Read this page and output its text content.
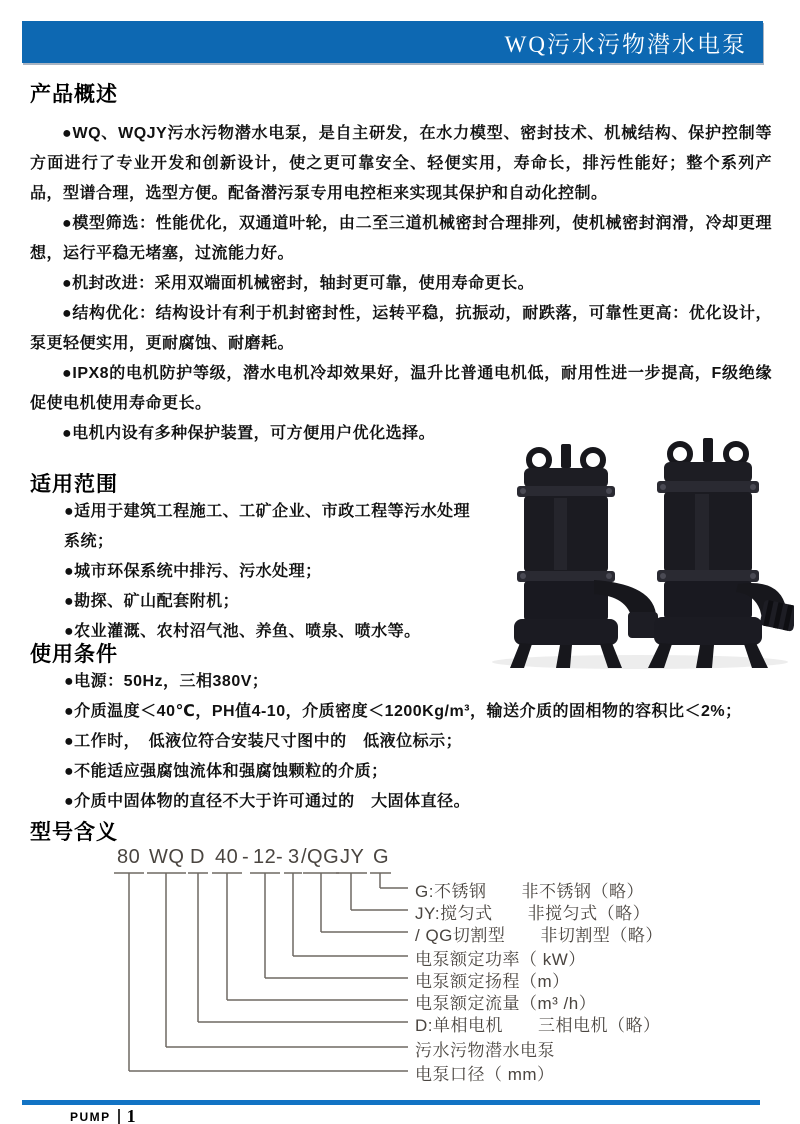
WQ污水污物潜水电泵
产品概述

●WQ、WQJY污水污物潜水电泵，是自主研发，在水力模型、密封技术、机械结构、保护控制等方面进行了专业开发和创新设计，使之更可靠安全、轻便实用，寿命长，排污性能好；整个系列产品，型谱合理，选型方便。配备潜污泵专用电控柜来实现其保护和自动化控制。

●模型筛选：性能优化，双通道叶轮，由二至三道机械密封合理排列，使机械密封润滑，冷却更理想，运行平稳无堵塞，过流能力好。

●机封改进：采用双端面机械密封，轴封更可靠，使用寿命更长。

●结构优化：结构设计有利于机封密封性，运转平稳，抗振动，耐跌落，可靠性更高：优化设计，泵更轻便实用，更耐腐蚀、耐磨耗。

●IPX8的电机防护等级，潜水电机冷却效果好，温升比普通电机低，耐用性进一步提高，F级绝缘促使电机使用寿命更长。

●电机内设有多种保护装置，可方便用户优化选择。

适用范围
●适用于建筑工程施工、工矿企业、市政工程等污水处理系统；
●城市环保系统中排污、污水处理；
●勘探、矿山配套附机；
●农业灌溉、农村沼气池、养鱼、喷泉、喷水等。
使用条件
●电源：50Hz，三相380V；
●介质温度＜40℃，PH值4-10，介质密度＜1200Kg/m³，输送介质的固相物的容积比＜2%；
●工作时，　低液位符合安装尺寸图中的　低液位标示；
●不能适应强腐蚀流体和强腐蚀颗粒的介质；
●介质中固体物的直径不大于许可通过的　大固体直径。
型号含义
80 WQ D 40 - 12 - 3 /QG JY G
G:不锈钢　　非不锈钢（略）
JY:搅匀式　　非搅匀式（略）
/ QG切割型　　非切割型（略）
电泵额定功率（ kW）
电泵额定扬程（m）
电泵额定流量（m³ /h）
D:单相电机　　三相电机（略）
污水污物潜水电泵
电泵口径（ mm）
PUMP 1
